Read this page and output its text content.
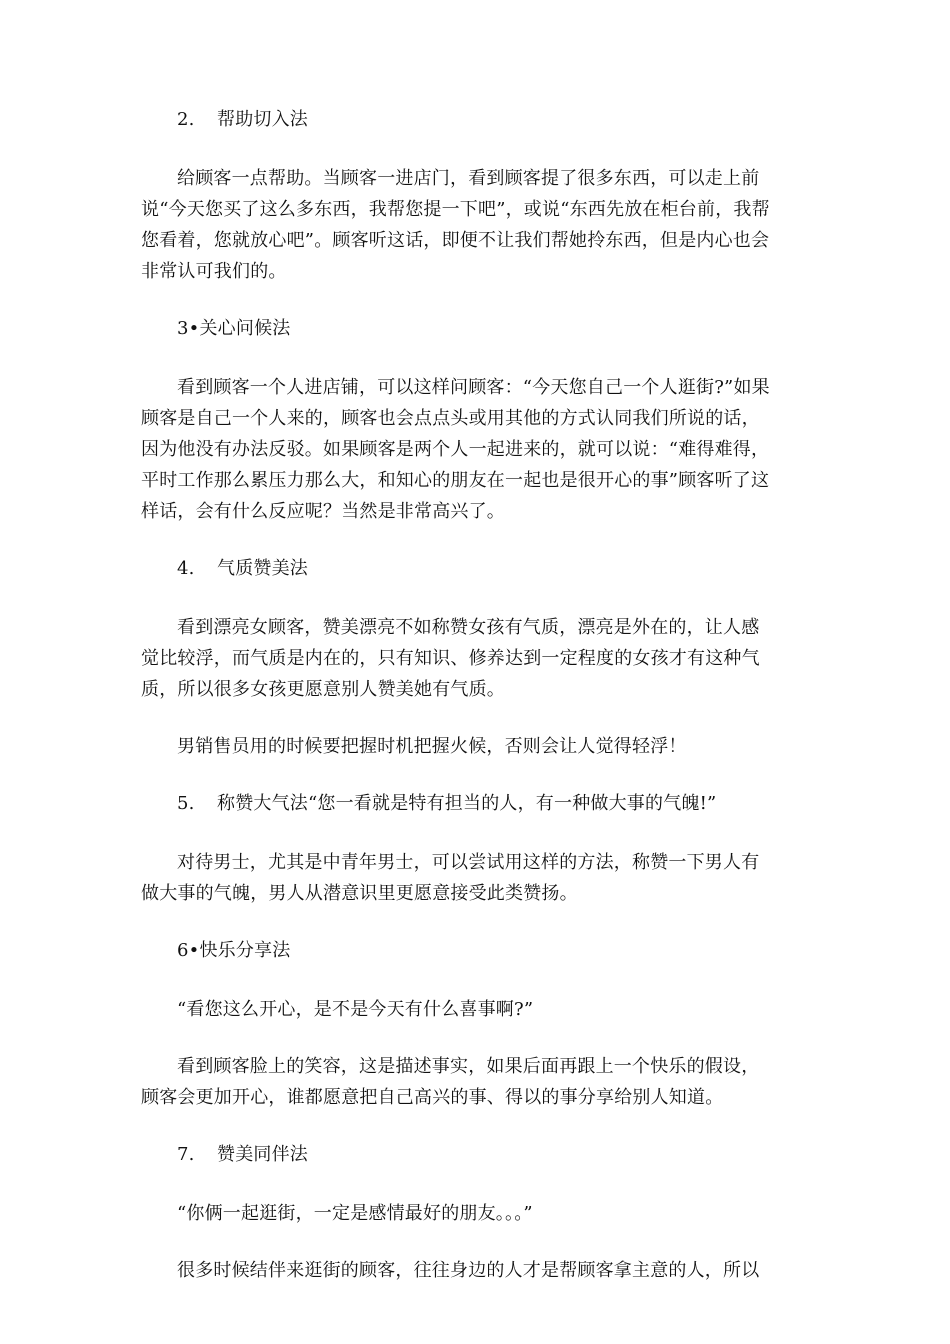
2. 帮助切入法

给顾客一点帮助。当顾客一进店门，看到顾客提了很多东西，可以走上前
说“今天您买了这么多东西，我帮您提一下吧”，或说“东西先放在柜台前，我帮
您看着，您就放心吧”。顾客听这话，即便不让我们帮她拎东西，但是内心也会
非常认可我们的。

3•关心问候法

看到顾客一个人进店铺，可以这样问顾客：“今天您自己一个人逛街?”如果
顾客是自己一个人来的，顾客也会点点头或用其他的方式认同我们所说的话，
因为他没有办法反驳。如果顾客是两个人一起进来的，就可以说：“难得难得，
平时工作那么累压力那么大，和知心的朋友在一起也是很开心的事”顾客听了这
样话，会有什么反应呢？当然是非常高兴了。

4. 气质赞美法

看到漂亮女顾客，赞美漂亮不如称赞女孩有气质，漂亮是外在的，让人感
觉比较浮，而气质是内在的，只有知识、修养达到一定程度的女孩才有这种气
质，所以很多女孩更愿意别人赞美她有气质。

男销售员用的时候要把握时机把握火候，否则会让人觉得轻浮！

5. 称赞大气法“您一看就是特有担当的人，有一种做大事的气魄!”

对待男士，尤其是中青年男士，可以尝试用这样的方法，称赞一下男人有
做大事的气魄，男人从潜意识里更愿意接受此类赞扬。

6•快乐分享法

“看您这么开心，是不是今天有什么喜事啊?”

看到顾客脸上的笑容，这是描述事实，如果后面再跟上一个快乐的假设，
顾客会更加开心，谁都愿意把自己高兴的事、得以的事分享给别人知道。

7. 赞美同伴法

“你俩一起逛街，一定是感情最好的朋友。。。”

很多时候结伴来逛街的顾客，往往身边的人才是帮顾客拿主意的人，所以
